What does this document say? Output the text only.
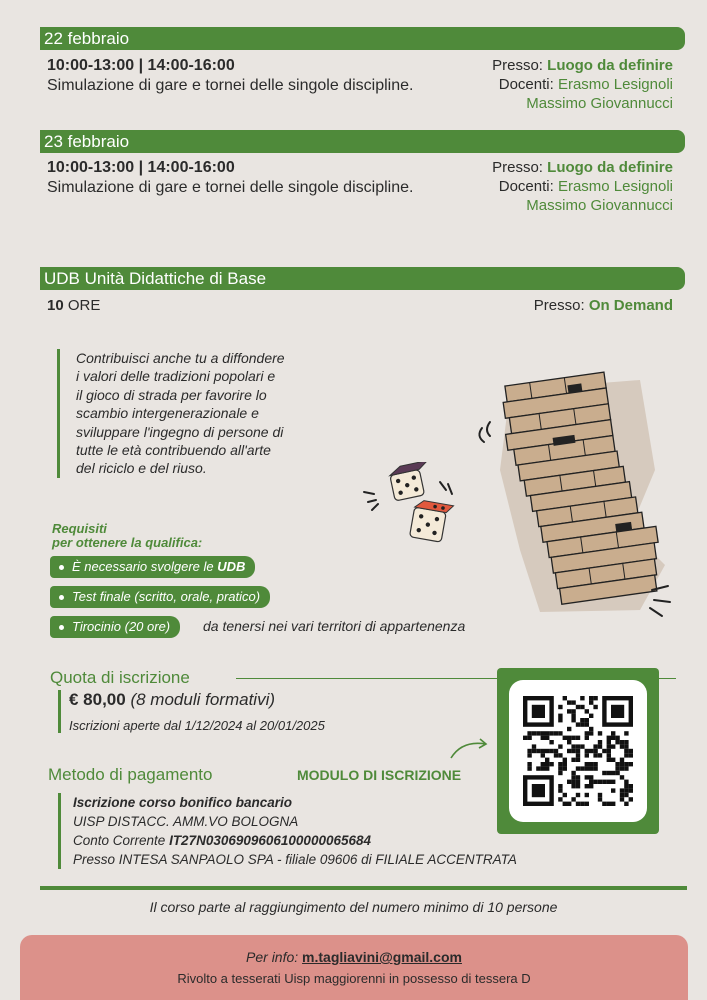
22 febbraio
10:00-13:00 | 14:00-16:00
Simulazione di gare e tornei delle singole discipline.
Presso: Luogo da definire
Docenti: Erasmo Lesignoli
Massimo Giovannucci
23 febbraio
10:00-13:00 | 14:00-16:00
Simulazione di gare e tornei delle singole discipline.
Presso: Luogo da definire
Docenti: Erasmo Lesignoli
Massimo Giovannucci
UDB Unità Didattiche di Base
10 ORE	Presso: On Demand
Contribuisci anche tu a diffondere
i valori delle tradizioni popolari e
il gioco di strada per favorire lo
scambio intergenerazionale e
sviluppare l'ingegno di persone di
tutte le età contribuendo all'arte
del riciclo e del riuso.
Requisiti
per ottenere la qualifica:
È necessario svolgere le UDB
Test finale (scritto, orale, pratico)
Tirocinio (20 ore)	da tenersi nei vari territori di appartenenza
Quota di iscrizione
€ 80,00 (8 moduli formativi)
Iscrizioni aperte dal 1/12/2024 al 20/01/2025
Metodo di pagamento	MODULO DI ISCRIZIONE
Iscrizione corso bonifico bancario
UISP DISTACC. AMM.VO BOLOGNA
Conto Corrente IT27N0306909606100000065684
Presso INTESA SANPAOLO SPA - filiale 09606 di FILIALE ACCENTRATA
Il corso parte al raggiungimento del numero minimo di 10 persone
Per info: m.tagliavini@gmail.com
Rivolto a tesserati Uisp maggiorenni in possesso di tessera D
